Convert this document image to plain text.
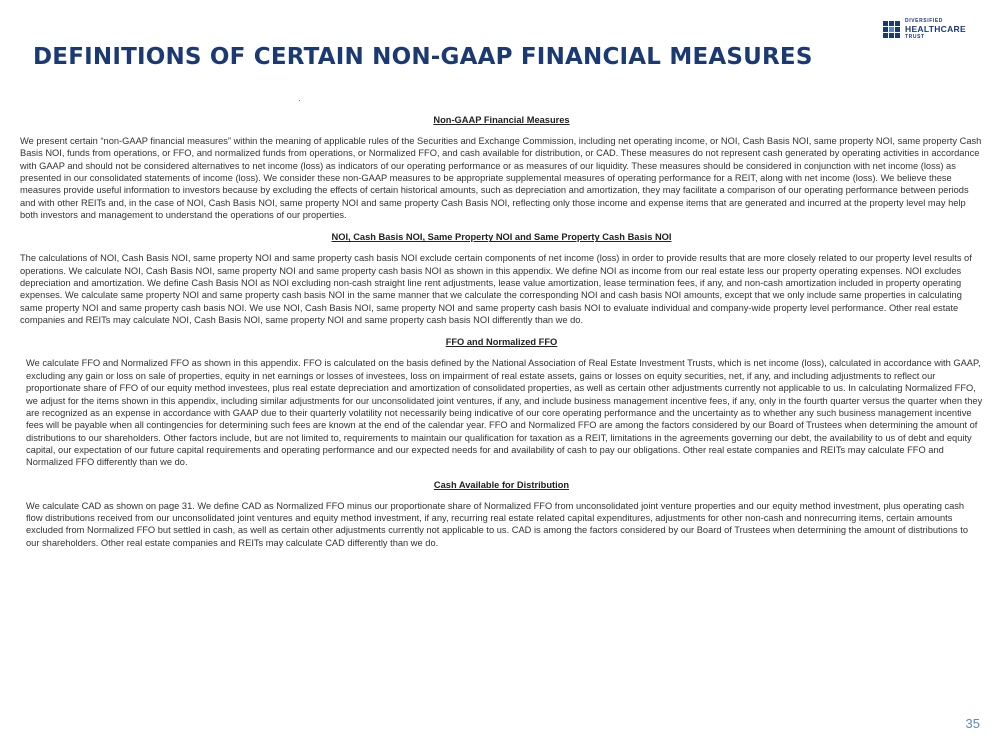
DEFINITIONS OF CERTAIN NON-GAAP FINANCIAL MEASURES
DIVERSIFIED
HEALTHCARE
TRUST
Non-GAAP Financial Measures

We present certain “non-GAAP financial measures” within the meaning of applicable rules of the Securities and Exchange Commission, including net operating income, or NOI, Cash Basis NOI, same property NOI, same property Cash Basis NOI, funds from operations, or FFO, and normalized funds from operations, or Normalized FFO, and cash available for distribution, or CAD. These measures do not represent cash generated by operating activities in accordance with GAAP and should not be considered alternatives to net income (loss) as indicators of our operating performance or as measures of our liquidity. These measures should be considered in conjunction with net income (loss) as presented in our consolidated statements of income (loss). We consider these non-GAAP measures to be appropriate supplemental measures of operating performance for a REIT, along with net income (loss). We believe these measures provide useful information to investors because by excluding the effects of certain historical amounts, such as depreciation and amortization, they may facilitate a comparison of our operating performance between periods and with other REITs and, in the case of NOI, Cash Basis NOI, same property NOI and same property Cash Basis NOI, reflecting only those income and expense items that are generated and incurred at the property level may help both investors and management to understand the operations of our properties.

NOI, Cash Basis NOI, Same Property NOI and Same Property Cash Basis NOI

The calculations of NOI, Cash Basis NOI, same property NOI and same property cash basis NOI exclude certain components of net income (loss) in order to provide results that are more closely related to our property level results of operations. We calculate NOI, Cash Basis NOI, same property NOI and same property cash basis NOI as shown in this appendix. We define NOI as income from our real estate less our property operating expenses. NOI excludes depreciation and amortization. We define Cash Basis NOI as NOI excluding non-cash straight line rent adjustments, lease value amortization, lease termination fees, if any, and non-cash amortization included in property operating expenses. We calculate same property NOI and same property cash basis NOI in the same manner that we calculate the corresponding NOI and cash basis NOI amounts, except that we only include same properties in calculating same property NOI and same property cash basis NOI. We use NOI, Cash Basis NOI, same property NOI and same property cash basis NOI to evaluate individual and company-wide property level performance. Other real estate companies and REITs may calculate NOI, Cash Basis NOI, same property NOI and same property cash basis NOI differently than we do.

FFO and Normalized FFO

We calculate FFO and Normalized FFO as shown in this appendix. FFO is calculated on the basis defined by the National Association of Real Estate Investment Trusts, which is net income (loss), calculated in accordance with GAAP, excluding any gain or loss on sale of properties, equity in net earnings or losses of investees, loss on impairment of real estate assets, gains or losses on equity securities, net, if any, and including adjustments to reflect our proportionate share of FFO of our equity method investees, plus real estate depreciation and amortization of consolidated properties, as well as certain other adjustments currently not applicable to us. In calculating Normalized FFO, we adjust for the items shown in this appendix, including similar adjustments for our unconsolidated joint ventures, if any, and include business management incentive fees, if any, only in the fourth quarter versus the quarter when they are recognized as an expense in accordance with GAAP due to their quarterly volatility not necessarily being indicative of our core operating performance and the uncertainty as to whether any such business management incentive fees will be payable when all contingencies for determining such fees are known at the end of the calendar year. FFO and Normalized FFO are among the factors considered by our Board of Trustees when determining the amount of distributions to our shareholders. Other factors include, but are not limited to, requirements to maintain our qualification for taxation as a REIT, limitations in the agreements governing our debt, the availability to us of debt and equity capital, our expectation of our future capital requirements and operating performance and our expected needs for and availability of cash to pay our obligations. Other real estate companies and REITs may calculate FFO and Normalized FFO differently than we do.

Cash Available for Distribution

We calculate CAD as shown on page 31. We define CAD as Normalized FFO minus our proportionate share of Normalized FFO from unconsolidated joint venture properties and our equity method investment, plus operating cash flow distributions received from our unconsolidated joint ventures and equity method investment, if any, recurring real estate related capital expenditures, adjustments for other non-cash and nonrecurring items, certain amounts excluded from Normalized FFO but settled in cash, as well as certain other adjustments currently not applicable to us. CAD is among the factors considered by our Board of Trustees when determining the amount of distributions to our shareholders. Other real estate companies and REITs may calculate CAD differently than we do.

35
